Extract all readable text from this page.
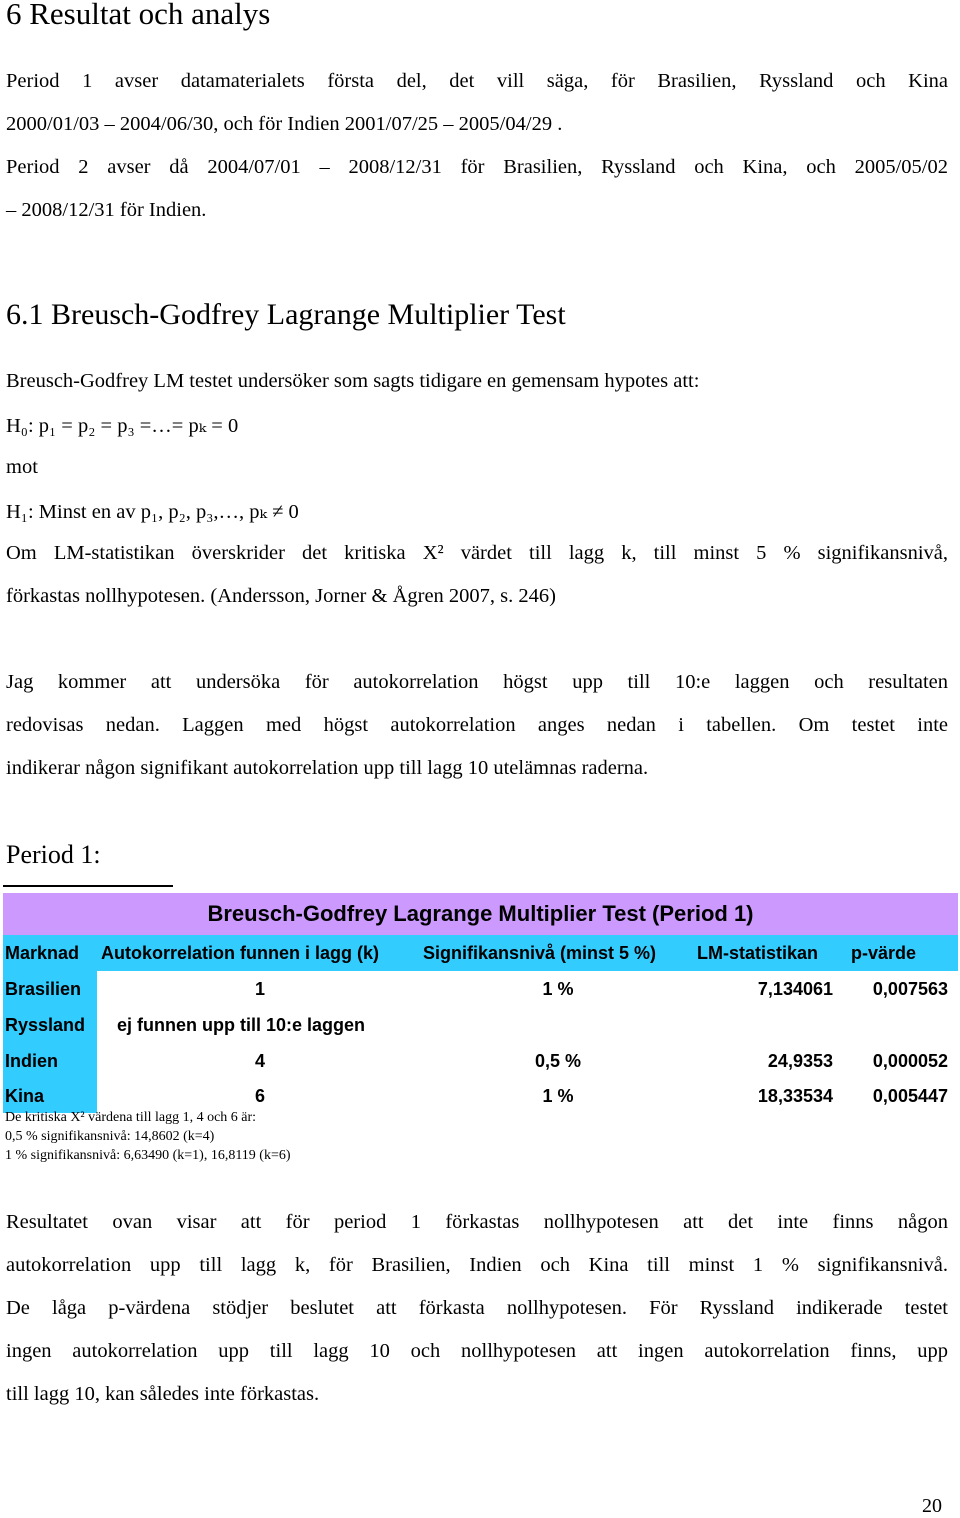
6 Resultat och analys
Period 1 avser datamaterialets första del, det vill säga, för Brasilien, Ryssland och Kina
2000/01/03 – 2004/06/30, och för Indien 2001/07/25 – 2005/04/29 .
Period 2 avser då 2004/07/01 – 2008/12/31 för Brasilien, Ryssland och Kina, och 2005/05/02
– 2008/12/31 för Indien.
6.1 Breusch-Godfrey Lagrange Multiplier Test
Breusch-Godfrey LM testet undersöker som sagts tidigare en gemensam hypotes att:
H₀: p₁ = p₂ = p₃ =…= pₖ = 0
mot
H₁: Minst en av p₁, p₂, p₃,…, pₖ ≠ 0
Om LM-statistikan överskrider det kritiska X² värdet till lagg k, till minst 5 % signifikansnivå,
förkastas nollhypotesen. (Andersson, Jorner & Ågren 2007, s. 246)
Jag kommer att undersöka för autokorrelation högst upp till 10:e laggen och resultaten
redovisas nedan. Laggen med högst autokorrelation anges nedan i tabellen. Om testet inte
indikerar någon signifikant autokorrelation upp till lagg 10 utelämnas raderna.
Period 1:
Breusch-Godfrey Lagrange Multiplier Test (Period 1)
Marknad	Autokorrelation funnen i lagg (k)	Signifikansnivå (minst 5 %)	LM-statistikan	p-värde
Brasilien	1	1 %	7,134061	0,007563
Ryssland	ej funnen upp till 10:e laggen
Indien	4	0,5 %	24,9353	0,000052
Kina	6	1 %	18,33534	0,005447
De kritiska X² värdena till lagg 1, 4 och 6 är:
0,5 % signifikansnivå: 14,8602 (k=4)
1 % signifikansnivå: 6,63490 (k=1), 16,8119 (k=6)
Resultatet ovan visar att för period 1 förkastas nollhypotesen att det inte finns någon
autokorrelation upp till lagg k, för Brasilien, Indien och Kina till minst 1 % signifikansnivå.
De låga p-värdena stödjer beslutet att förkasta nollhypotesen. För Ryssland indikerade testet
ingen autokorrelation upp till lagg 10 och nollhypotesen att ingen autokorrelation finns, upp
till lagg 10, kan således inte förkastas.
20
